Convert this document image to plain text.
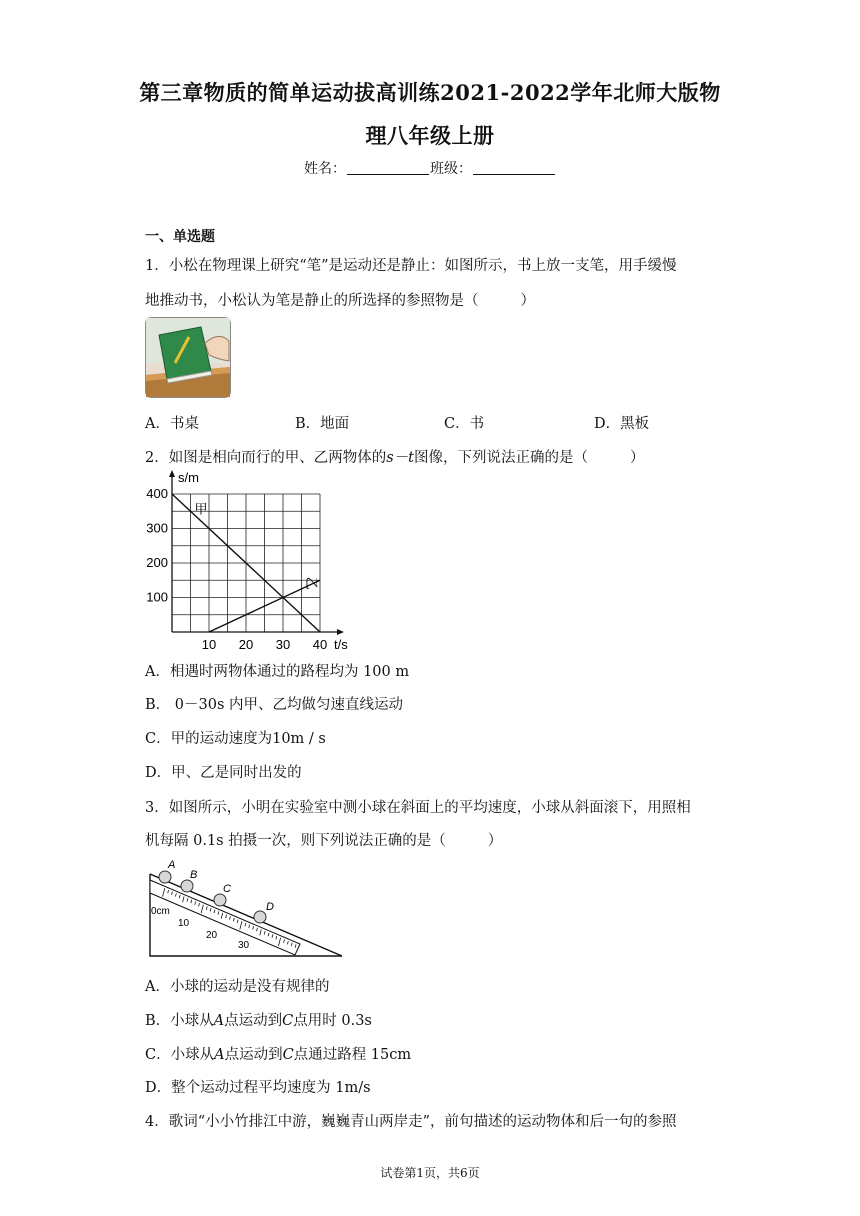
第三章物质的简单运动拔高训练2021-2022学年北师大版物
理八年级上册
姓名：	班级：
一、单选题
1．小松在物理课上研究“笔”是运动还是静止：如图所示，书上放一支笔，用手缓慢
地推动书，小松认为笔是静止的所选择的参照物是（	）
A．书桌	B．地面	C．书	D．黑板
2．如图是相向而行的甲、乙两物体的s－t图像，下列说法正确的是（	）
甲
乙
10 20 30 40
100
200
300
400
t/s
s/m
A．相遇时两物体通过的路程均为 100 m
B． 0－30s 内甲、乙均做匀速直线运动
C．甲的运动速度为10m / s
D．甲、乙是同时出发的
3．如图所示，小明在实验室中测小球在斜面上的平均速度，小球从斜面滚下，用照相
机每隔 0.1s 拍摄一次，则下列说法正确的是（	）
A
B
C
D
0cm
10
20
30
A．小球的运动是没有规律的
B．小球从A点运动到C点用时 0.3s
C．小球从A点运动到C点通过路程 15cm
D．整个运动过程平均速度为 1m/s
4．歌词“小小竹排江中游，巍巍青山两岸走”，前句描述的运动物体和后一句的参照
试卷第1页，共6页
